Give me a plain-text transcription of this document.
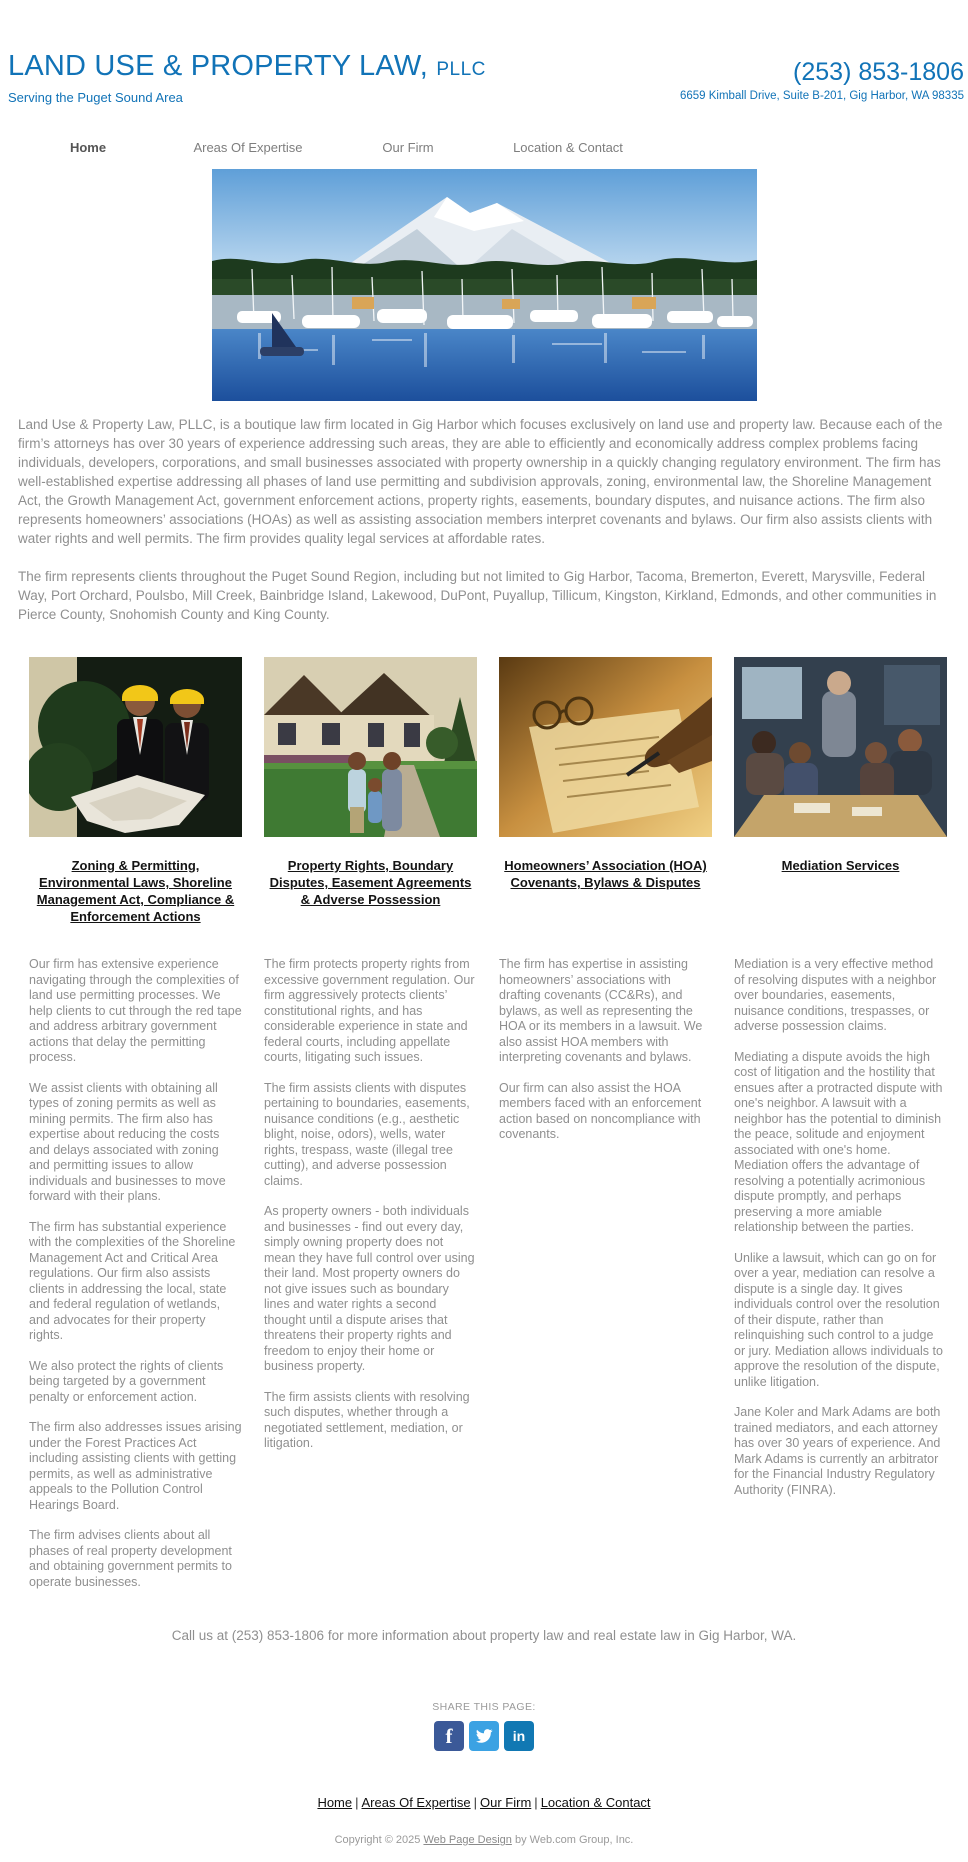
LAND USE & PROPERTY LAW, PLLC
Serving the Puget Sound Area
(253) 853-1806
6659 Kimball Drive, Suite B-201, Gig Harbor, WA 98335
Home	Areas Of Expertise	Our Firm	Location & Contact

Land Use & Property Law, PLLC, is a boutique law firm located in Gig Harbor which focuses exclusively on land use and property law. Because each of the firm’s attorneys has over 30 years of experience addressing such areas, they are able to efficiently and economically address complex problems facing individuals, developers, corporations, and small businesses associated with property ownership in a quickly changing regulatory environment. The firm has well-established expertise addressing all phases of land use permitting and subdivision approvals, zoning, environmental law, the Shoreline Management Act, the Growth Management Act, government enforcement actions, property rights, easements, boundary disputes, and nuisance actions. The firm also represents homeowners’ associations (HOAs) as well as assisting association members interpret covenants and bylaws. Our firm also assists clients with water rights and well permits. The firm provides quality legal services at affordable rates.

The firm represents clients throughout the Puget Sound Region, including but not limited to Gig Harbor, Tacoma, Bremerton, Everett, Marysville, Federal Way, Port Orchard, Poulsbo, Mill Creek, Bainbridge Island, Lakewood, DuPont, Puyallup, Tillicum, Kingston, Kirkland, Edmonds, and other communities in Pierce County, Snohomish County and King County.

Zoning & Permitting, Environmental Laws, Shoreline Management Act, Compliance & Enforcement Actions

Our firm has extensive experience navigating through the complexities of land use permitting processes. We help clients to cut through the red tape and address arbitrary government actions that delay the permitting process.

We assist clients with obtaining all types of zoning permits as well as mining permits. The firm also has expertise about reducing the costs and delays associated with zoning and permitting issues to allow individuals and businesses to move forward with their plans.

The firm has substantial experience with the complexities of the Shoreline Management Act and Critical Area regulations. Our firm also assists clients in addressing the local, state and federal regulation of wetlands, and advocates for their property rights.

We also protect the rights of clients being targeted by a government penalty or enforcement action.

The firm also addresses issues arising under the Forest Practices Act including assisting clients with getting permits, as well as administrative appeals to the Pollution Control Hearings Board.

The firm advises clients about all phases of real property development and obtaining government permits to operate businesses.

Property Rights, Boundary Disputes, Easement Agreements & Adverse Possession

The firm protects property rights from excessive government regulation. Our firm aggressively protects clients’ constitutional rights, and has considerable experience in state and federal courts, including appellate courts, litigating such issues.

The firm assists clients with disputes pertaining to boundaries, easements, nuisance conditions (e.g., aesthetic blight, noise, odors), wells, water rights, trespass, waste (illegal tree cutting), and adverse possession claims.

As property owners - both individuals and businesses - find out every day, simply owning property does not mean they have full control over using their land. Most property owners do not give issues such as boundary lines and water rights a second thought until a dispute arises that threatens their property rights and freedom to enjoy their home or business property.

The firm assists clients with resolving such disputes, whether through a negotiated settlement, mediation, or litigation.

Homeowners’ Association (HOA) Covenants, Bylaws & Disputes

The firm has expertise in assisting homeowners’ associations with drafting covenants (CC&Rs), and bylaws, as well as representing the HOA or its members in a lawsuit. We also assist HOA members with interpreting covenants and bylaws.

Our firm can also assist the HOA members faced with an enforcement action based on noncompliance with covenants.

Mediation Services

Mediation is a very effective method of resolving disputes with a neighbor over boundaries, easements, nuisance conditions, trespasses, or adverse possession claims.

Mediating a dispute avoids the high cost of litigation and the hostility that ensues after a protracted dispute with one's neighbor. A lawsuit with a neighbor has the potential to diminish the peace, solitude and enjoyment associated with one's home. Mediation offers the advantage of resolving a potentially acrimonious dispute promptly, and perhaps preserving a more amiable relationship between the parties.

Unlike a lawsuit, which can go on for over a year, mediation can resolve a dispute is a single day. It gives individuals control over the resolution of their dispute, rather than relinquishing such control to a judge or jury. Mediation allows individuals to approve the resolution of the dispute, unlike litigation.

Jane Koler and Mark Adams are both trained mediators, and each attorney has over 30 years of experience. And Mark Adams is currently an arbitrator for the Financial Industry Regulatory Authority (FINRA).

Call us at (253) 853-1806 for more information about property law and real estate law in Gig Harbor, WA.

SHARE THIS PAGE:
f	in
Home | Areas Of Expertise | Our Firm | Location & Contact
Copyright © 2025 Web Page Design by Web.com Group, Inc.
